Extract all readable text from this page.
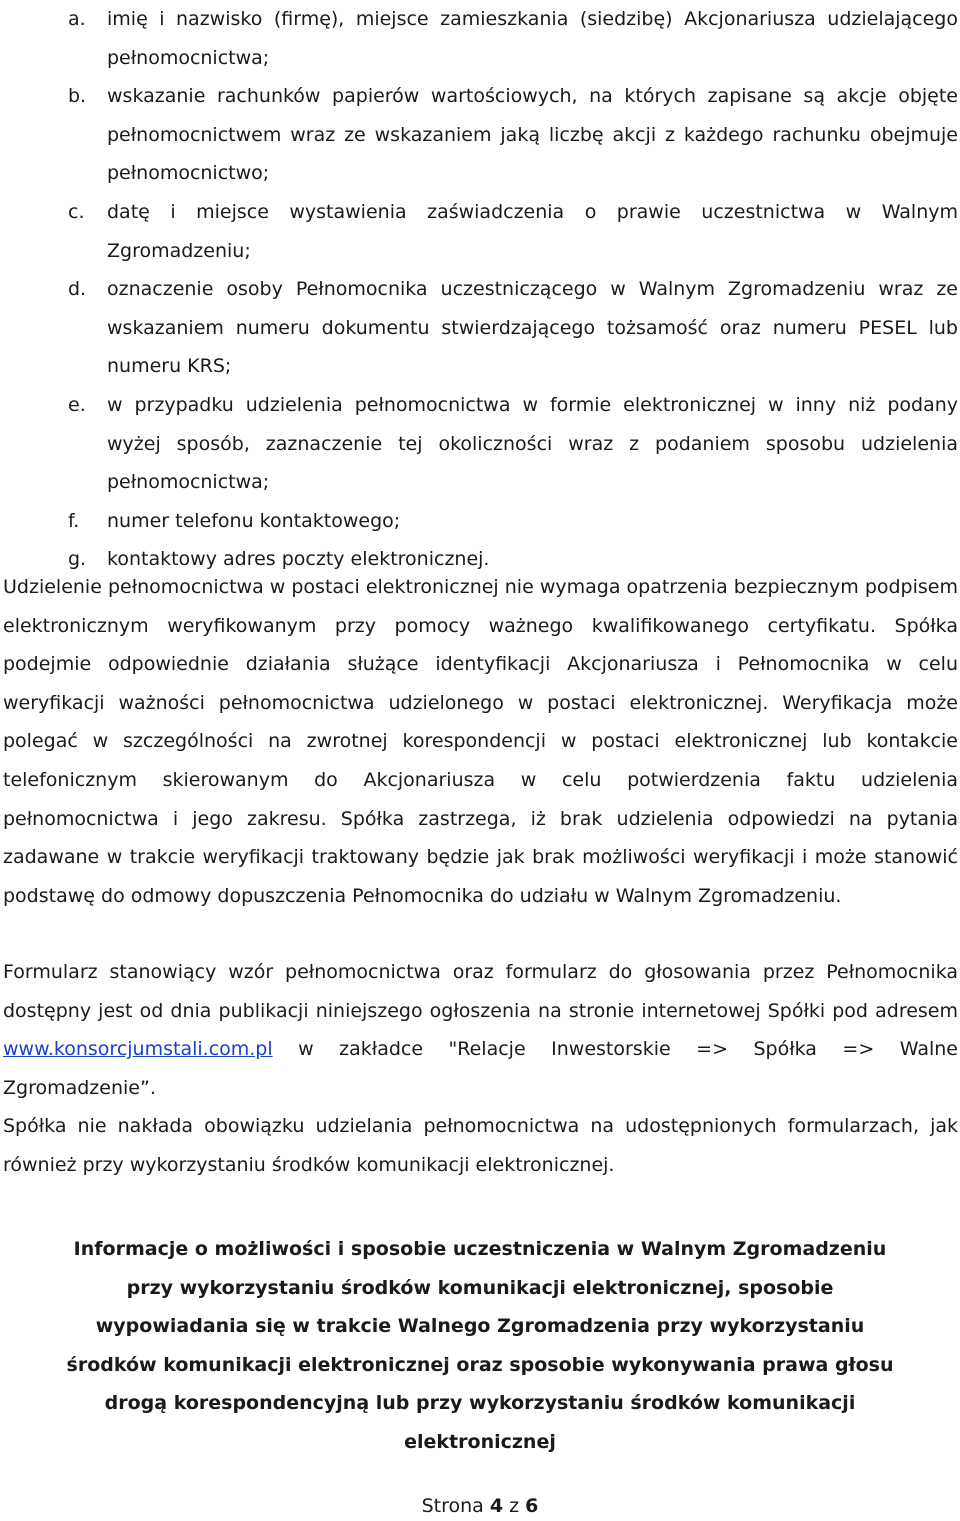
a.	imię i nazwisko (firmę), miejsce zamieszkania (siedzibę) Akcjonariusza udzielającego pełnomocnictwa;
b.	wskazanie rachunków papierów wartościowych, na których zapisane są akcje objęte pełnomocnictwem wraz ze wskazaniem jaką liczbę akcji z każdego rachunku obejmuje pełnomocnictwo;
c.	datę i miejsce wystawienia zaświadczenia o prawie uczestnictwa w Walnym Zgromadzeniu;
d.	oznaczenie osoby Pełnomocnika uczestniczącego w Walnym Zgromadzeniu wraz ze wskazaniem numeru dokumentu stwierdzającego tożsamość oraz numeru PESEL lub numeru KRS;
e.	w przypadku udzielenia pełnomocnictwa w formie elektronicznej w inny niż podany wyżej sposób, zaznaczenie tej okoliczności wraz z podaniem sposobu udzielenia pełnomocnictwa;
f.	numer telefonu kontaktowego;
g.	kontaktowy adres poczty elektronicznej.
Udzielenie pełnomocnictwa w postaci elektronicznej nie wymaga opatrzenia bezpiecznym podpisem elektronicznym weryfikowanym przy pomocy ważnego kwalifikowanego certyfikatu. Spółka podejmie odpowiednie działania służące identyfikacji Akcjonariusza i Pełnomocnika w celu weryfikacji ważności pełnomocnictwa udzielonego w postaci elektronicznej. Weryfikacja może polegać w szczególności na zwrotnej korespondencji w postaci elektronicznej lub kontakcie telefonicznym skierowanym do Akcjonariusza w celu potwierdzenia faktu udzielenia pełnomocnictwa i jego zakresu. Spółka zastrzega, iż brak udzielenia odpowiedzi na pytania zadawane w trakcie weryfikacji traktowany będzie jak brak możliwości weryfikacji i może stanowić podstawę do odmowy dopuszczenia Pełnomocnika do udziału w Walnym Zgromadzeniu.
Formularz stanowiący wzór pełnomocnictwa oraz formularz do głosowania przez Pełnomocnika dostępny jest od dnia publikacji niniejszego ogłoszenia na stronie internetowej Spółki pod adresem www.konsorcjumstali.com.pl w zakładce "Relacje Inwestorskie => Spółka => Walne Zgromadzenie”.
Spółka nie nakłada obowiązku udzielania pełnomocnictwa na udostępnionych formularzach, jak również przy wykorzystaniu środków komunikacji elektronicznej.
Informacje o możliwości i sposobie uczestniczenia w Walnym Zgromadzeniu
przy wykorzystaniu środków komunikacji elektronicznej, sposobie
wypowiadania się w trakcie Walnego Zgromadzenia przy wykorzystaniu
środków komunikacji elektronicznej oraz sposobie wykonywania prawa głosu
drogą korespondencyjną lub przy wykorzystaniu środków komunikacji
elektronicznej
Strona 4 z 6
